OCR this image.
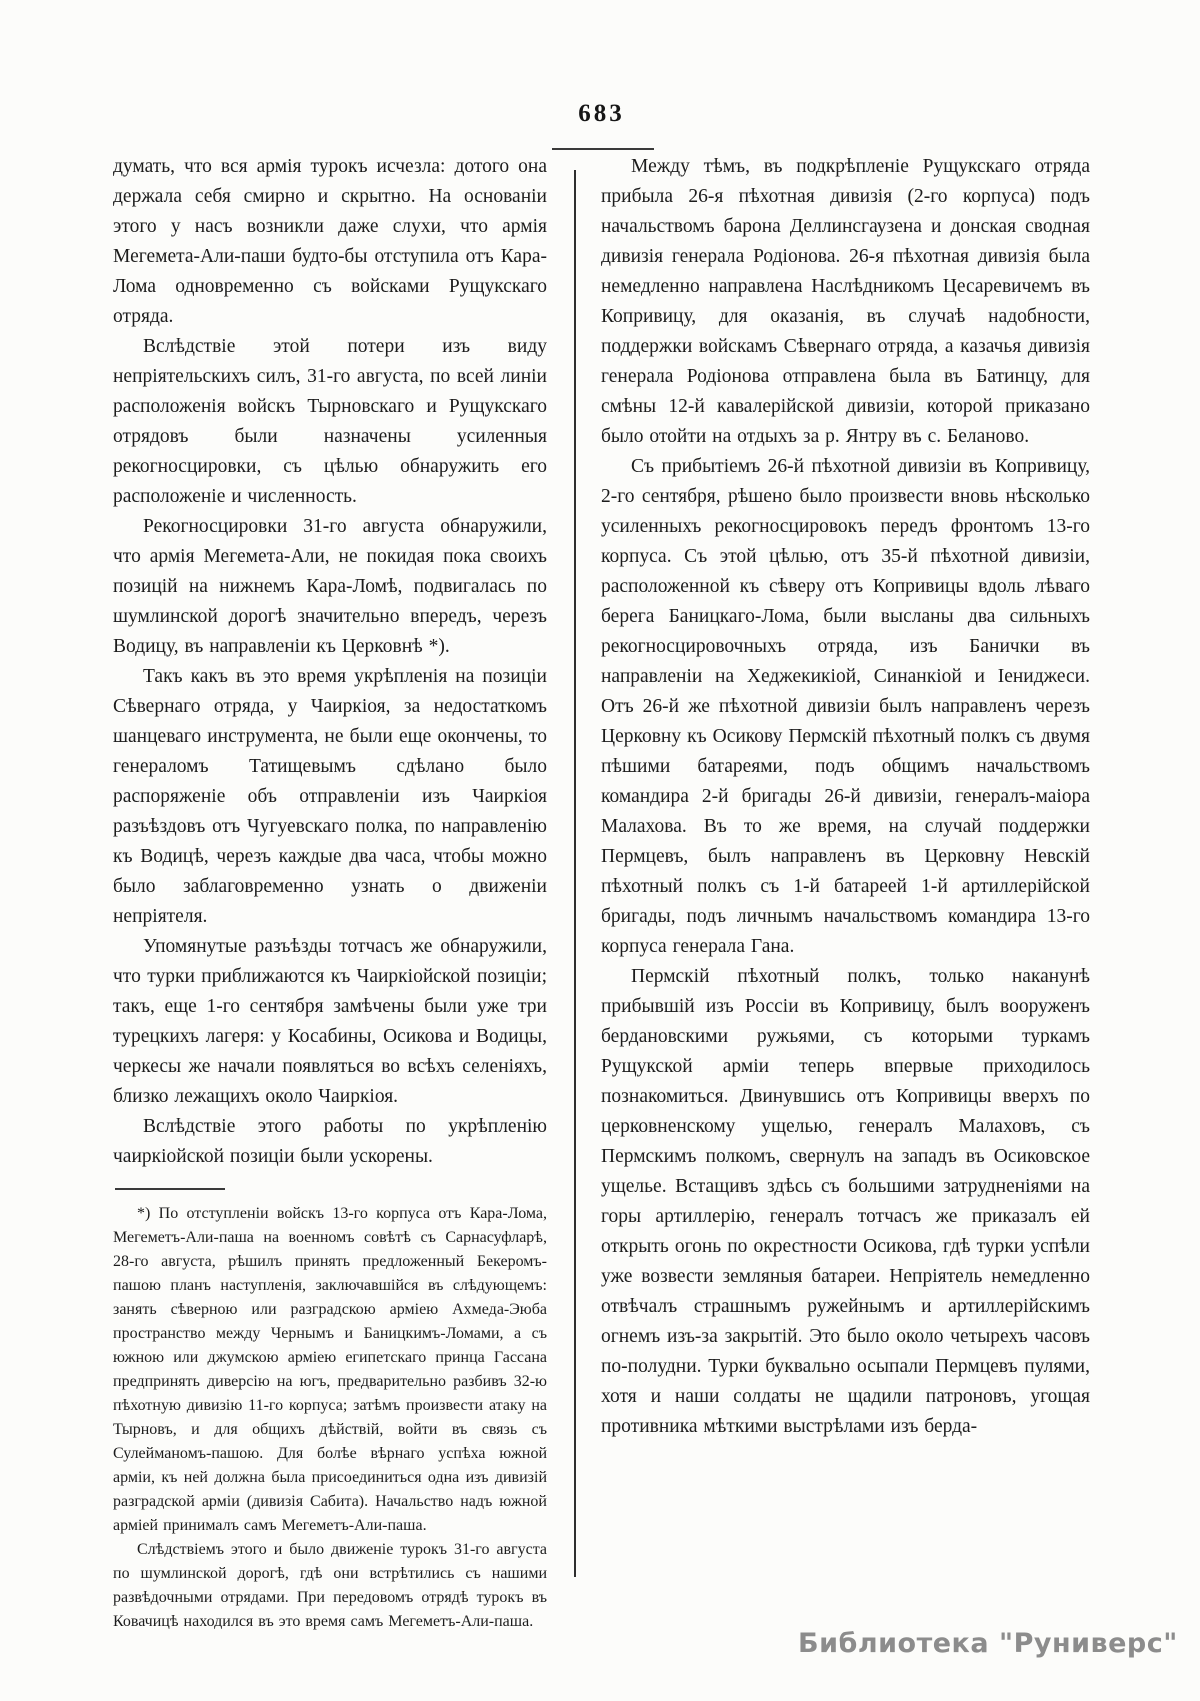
683

думать, что вся армія турокъ исчезла: дотого она держала себя смирно и скрытно. На основаніи этого у насъ возникли даже слухи, что армія Мегемета-Али-паши будто-бы отступила отъ Кара-Лома одновременно съ войсками Рущукскаго отряда.

Вслѣдствіе этой потери изъ виду непріятельскихъ силъ, 31-го августа, по всей линіи расположенія войскъ Тырновскаго и Рущукскаго отрядовъ были назначены усиленныя рекогносцировки, съ цѣлью обнаружить его расположеніе и численность.

Рекогносцировки 31-го августа обнаружили, что армія Мегемета-Али, не покидая пока своихъ позицій на нижнемъ Кара-Ломѣ, подвигалась по шумлинской дорогѣ значительно впередъ, черезъ Водицу, въ направленіи къ Церковнѣ *).

Такъ какъ въ это время укрѣпленія на позиціи Сѣвернаго отряда, у Чаиркіоя, за недостаткомъ шанцеваго инструмента, не были еще окончены, то генераломъ Татищевымъ сдѣлано было распоряженіе объ отправленіи изъ Чаиркіоя разъѣздовъ отъ Чугуевскаго полка, по направленію къ Водицѣ, черезъ каждые два часа, чтобы можно было заблаговременно узнать о движеніи непріятеля.

Упомянутые разъѣзды тотчасъ же обнаружили, что турки приближаются къ Чаиркіойской позиціи; такъ, еще 1-го сентября замѣчены были уже три турецкихъ лагеря: у Косабины, Осикова и Водицы, черкесы же начали появляться во всѣхъ селеніяхъ, близко лежащихъ около Чаиркіоя.

Вслѣдствіе этого работы по укрѣпленію чаиркіойской позиціи были ускорены.

*) По отступленіи войскъ 13-го корпуса отъ Кара-Лома, Мегеметъ-Али-паша на военномъ совѣтѣ съ Сарнасуфларѣ, 28-го августа, рѣшилъ принять предложенный Бекеромъ-пашою планъ наступленія, заключавшійся въ слѣдующемъ: занять сѣверною или разградскою арміею Ахмеда-Эюба пространство между Чернымъ и Баницкимъ-Ломами, а съ южною или джумскою арміею египетскаго принца Гассана предпринять диверсію на югъ, предварительно разбивъ 32-ю пѣхотную дивизію 11-го корпуса; затѣмъ произвести атаку на Тырновъ, и для общихъ дѣйствій, войти въ связь съ Сулейманомъ-пашою. Для болѣе вѣрнаго успѣха южной арміи, къ ней должна была присоединиться одна изъ дивизій разградской арміи (дивизія Сабита). Начальство надъ южной арміей принималъ самъ Мегеметъ-Али-паша.

Слѣдствіемъ этого и было движеніе турокъ 31-го августа по шумлинской дорогѣ, гдѣ они встрѣтились съ нашими развѣдочными отрядами. При передовомъ отрядѣ турокъ въ Ковачицѣ находился въ это время самъ Мегеметъ-Али-паша.

Между тѣмъ, въ подкрѣпленіе Рущукскаго отряда прибыла 26-я пѣхотная дивизія (2-го корпуса) подъ начальствомъ барона Деллинсгаузена и донская сводная дивизія генерала Родіонова. 26-я пѣхотная дивизія была немедленно направлена Наслѣдникомъ Цесаревичемъ въ Копривицу, для оказанія, въ случаѣ надобности, поддержки войскамъ Сѣвернаго отряда, а казачья дивизія генерала Родіонова отправлена была въ Батинцу, для смѣны 12-й кавалерійской дивизіи, которой приказано было отойти на отдыхъ за р. Янтру въ с. Беланово.

Съ прибытіемъ 26-й пѣхотной дивизіи въ Копривицу, 2-го сентября, рѣшено было произвести вновь нѣсколько усиленныхъ рекогносцировокъ передъ фронтомъ 13-го корпуса. Съ этой цѣлью, отъ 35-й пѣхотной дивизіи, расположенной къ сѣверу отъ Копривицы вдоль лѣваго берега Баницкаго-Лома, были высланы два сильныхъ рекогносцировочныхъ отряда, изъ Банички въ направленіи на Хеджекикіой, Синанкіой и Іениджеси. Отъ 26-й же пѣхотной дивизіи былъ направленъ черезъ Церковну къ Осикову Пермскій пѣхотный полкъ съ двумя пѣшими батареями, подъ общимъ начальствомъ командира 2-й бригады 26-й дивизіи, генералъ-маіора Малахова. Въ то же время, на случай поддержки Пермцевъ, былъ направленъ въ Церковну Невскій пѣхотный полкъ съ 1-й батареей 1-й артиллерійской бригады, подъ личнымъ начальствомъ командира 13-го корпуса генерала Гана.

Пермскій пѣхотный полкъ, только наканунѣ прибывшій изъ Россіи въ Копривицу, былъ вооруженъ бердановскими ружьями, съ которыми туркамъ Рущукской арміи теперь впервые приходилось познакомиться. Двинувшись отъ Копривицы вверхъ по церковненскому ущелью, генералъ Малаховъ, съ Пермскимъ полкомъ, свернулъ на западъ въ Осиковское ущелье. Встащивъ здѣсь съ большими затрудненіями на горы артиллерію, генералъ тотчасъ же приказалъ ей открыть огонь по окрестности Осикова, гдѣ турки успѣли уже возвести земляныя батареи. Непріятель немедленно отвѣчалъ страшнымъ ружейнымъ и артиллерійскимъ огнемъ изъ-за закрытій. Это было около четырехъ часовъ по-полудни. Турки буквально осыпали Пермцевъ пулями, хотя и наши солдаты не щадили патроновъ, угощая противника мѣткими выстрѣлами изъ берда-

Библиотека "Руниверс"
